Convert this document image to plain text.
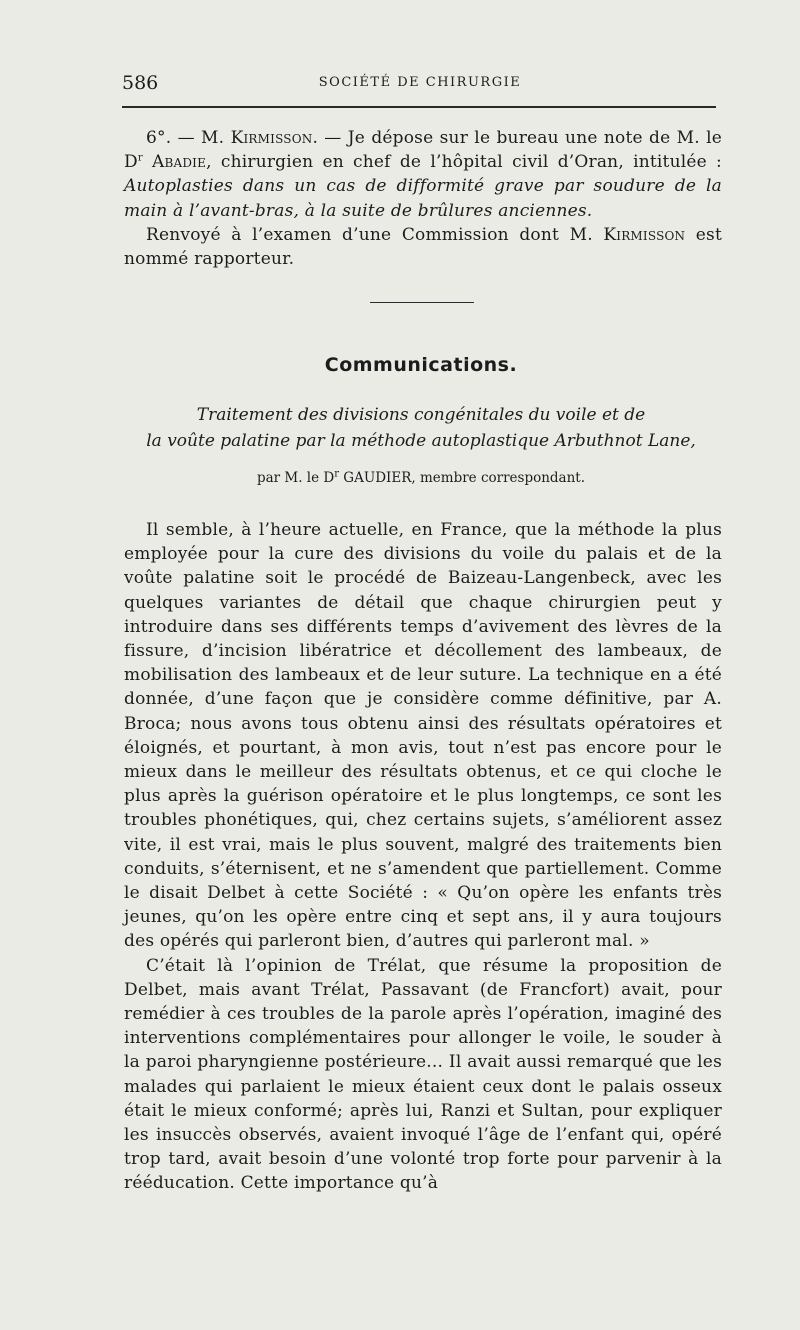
586	SOCIÉTÉ DE CHIRURGIE

6°. — M. Kirmisson. — Je dépose sur le bureau une note de M. le $D^r$ Abadie, chirurgien en chef de l’hôpital civil d’Oran, intitulée : Autoplasties dans un cas de difformité grave par soudure de la main à l’avant-bras, à la suite de brûlures anciennes.

Renvoyé à l’examen d’une Commission dont M. Kirmisson est nommé rapporteur.

Communications.
Traitement des divisions congénitales du voile et de
la voûte palatine par la méthode autoplastique Arbuthnot Lane,
par M. le $D^r$ GAUDIER, membre correspondant.

Il semble, à l’heure actuelle, en France, que la méthode la plus employée pour la cure des divisions du voile du palais et de la voûte palatine soit le procédé de Baizeau-Langenbeck, avec les quelques variantes de détail que chaque chirurgien peut y introduire dans ses différents temps d’avivement des lèvres de la fissure, d’incision libératrice et décollement des lambeaux, de mobilisation des lambeaux et de leur suture. La technique en a été donnée, d’une façon que je considère comme définitive, par A. Broca; nous avons tous obtenu ainsi des résultats opératoires et éloignés, et pourtant, à mon avis, tout n’est pas encore pour le mieux dans le meilleur des résultats obtenus, et ce qui cloche le plus après la guérison opératoire et le plus longtemps, ce sont les troubles phonétiques, qui, chez certains sujets, s’améliorent assez vite, il est vrai, mais le plus souvent, malgré des traitements bien conduits, s’éternisent, et ne s’amendent que partiellement. Comme le disait Delbet à cette Société : « Qu’on opère les enfants très jeunes, qu’on les opère entre cinq et sept ans, il y aura toujours des opérés qui parleront bien, d’autres qui parleront mal. »

C’était là l’opinion de Trélat, que résume la proposition de Delbet, mais avant Trélat, Passavant (de Francfort) avait, pour remédier à ces troubles de la parole après l’opération, imaginé des interventions complémentaires pour allonger le voile, le souder à la paroi pharyngienne postérieure... Il avait aussi remarqué que les malades qui parlaient le mieux étaient ceux dont le palais osseux était le mieux conformé; après lui, Ranzi et Sultan, pour expliquer les insuccès observés, avaient invoqué l’âge de l’enfant qui, opéré trop tard, avait besoin d’une volonté trop forte pour parvenir à la rééducation. Cette importance qu’à
